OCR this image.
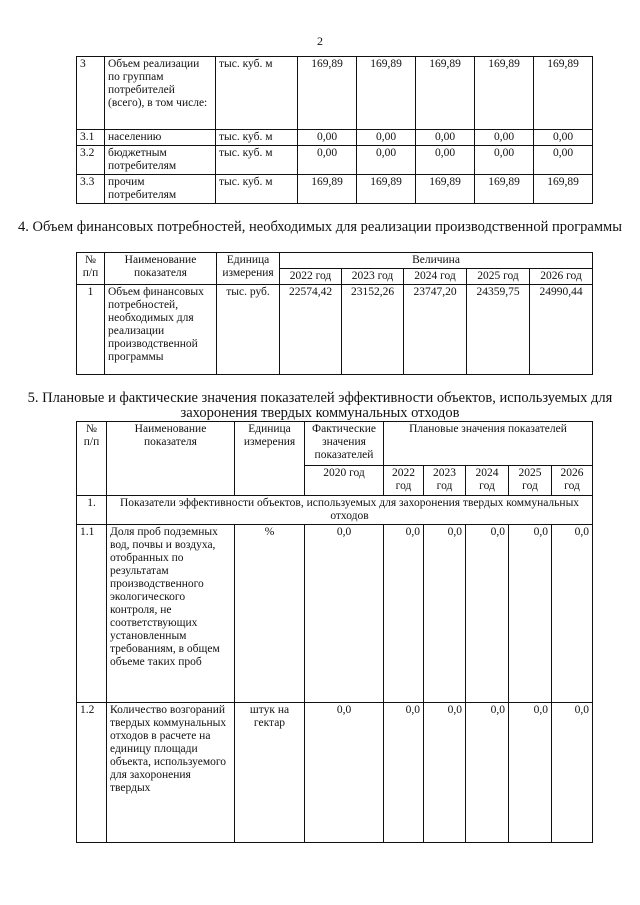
2
3	Объем реализации по группам потребителей (всего), в том числе:	тыс. куб. м	169,89	169,89	169,89	169,89	169,89
3.1	населению	тыс. куб. м	0,00	0,00	0,00	0,00	0,00
3.2	бюджетным потребителям	тыс. куб. м	0,00	0,00	0,00	0,00	0,00
3.3	прочим потребителям	тыс. куб. м	169,89	169,89	169,89	169,89	169,89
4. Объем финансовых потребностей, необходимых для реализации производственной программы
№ п/п	Наименование показателя	Единица измерения	Величина				
			2022 год	2023 год	2024 год	2025 год	2026 год
1	Объем финансовых потребностей, необходимых для реализации производственной программы	тыс. руб.	22574,42	23152,26	23747,20	24359,75	24990,44
5. Плановые и фактические значения показателей эффективности объектов, используемых для захоронения твердых коммунальных отходов
№ п/п	Наименование показателя	Единица измерения	Фактические значения показателей	Плановые значения показателей				
			2020 год	2022 год	2023 год	2024 год	2025 год	2026 год
1.	Показатели эффективности объектов, используемых для захоронения твердых коммунальных отходов							
1.1	Доля проб подземных вод, почвы и воздуха, отобранных по результатам производственного экологического контроля, не соответствующих установленным требованиям, в общем объеме таких проб	%	0,0	0,0	0,0	0,0	0,0	0,0
1.2	Количество возгораний твердых коммунальных отходов в расчете на единицу площади объекта, используемого для захоронения твердых	штук на гектар	0,0	0,0	0,0	0,0	0,0	0,0
